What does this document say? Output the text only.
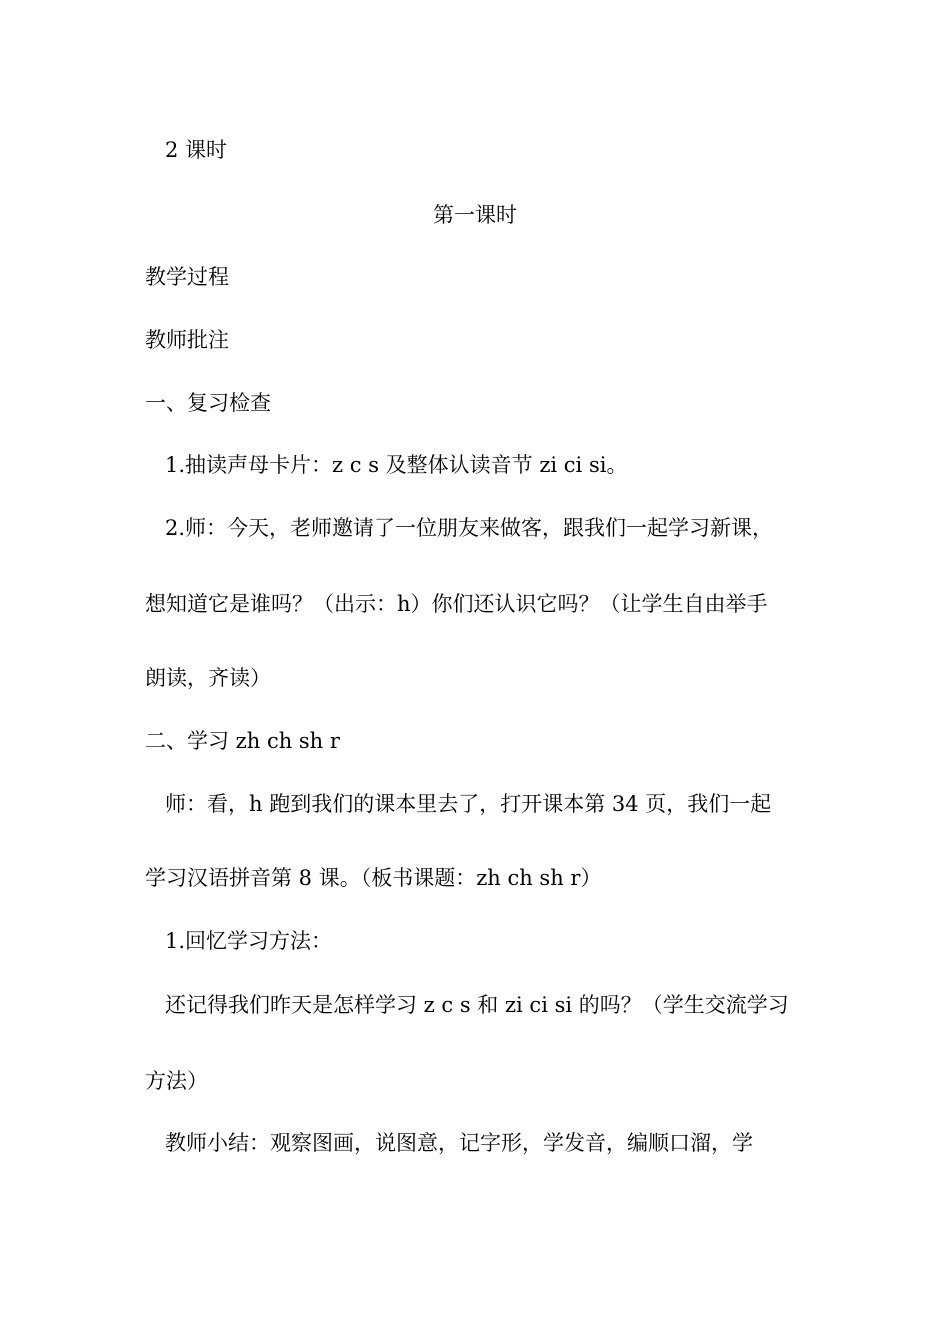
2 课时
第一课时
教学过程
教师批注
一、复习检查
1.抽读声母卡片：z c s 及整体认读音节 zi ci si。
2.师：今天，老师邀请了一位朋友来做客，跟我们一起学习新课，
想知道它是谁吗？（出示：h）你们还认识它吗？（让学生自由举手
朗读，齐读）
二、学习 zh ch sh r
师：看，h 跑到我们的课本里去了，打开课本第 34 页，我们一起
学习汉语拼音第 8 课。（板书课题：zh ch sh r）
1.回忆学习方法：
还记得我们昨天是怎样学习 z c s 和 zi ci si 的吗？（学生交流学习
方法）
教师小结：观察图画，说图意，记字形，学发音，编顺口溜，学
